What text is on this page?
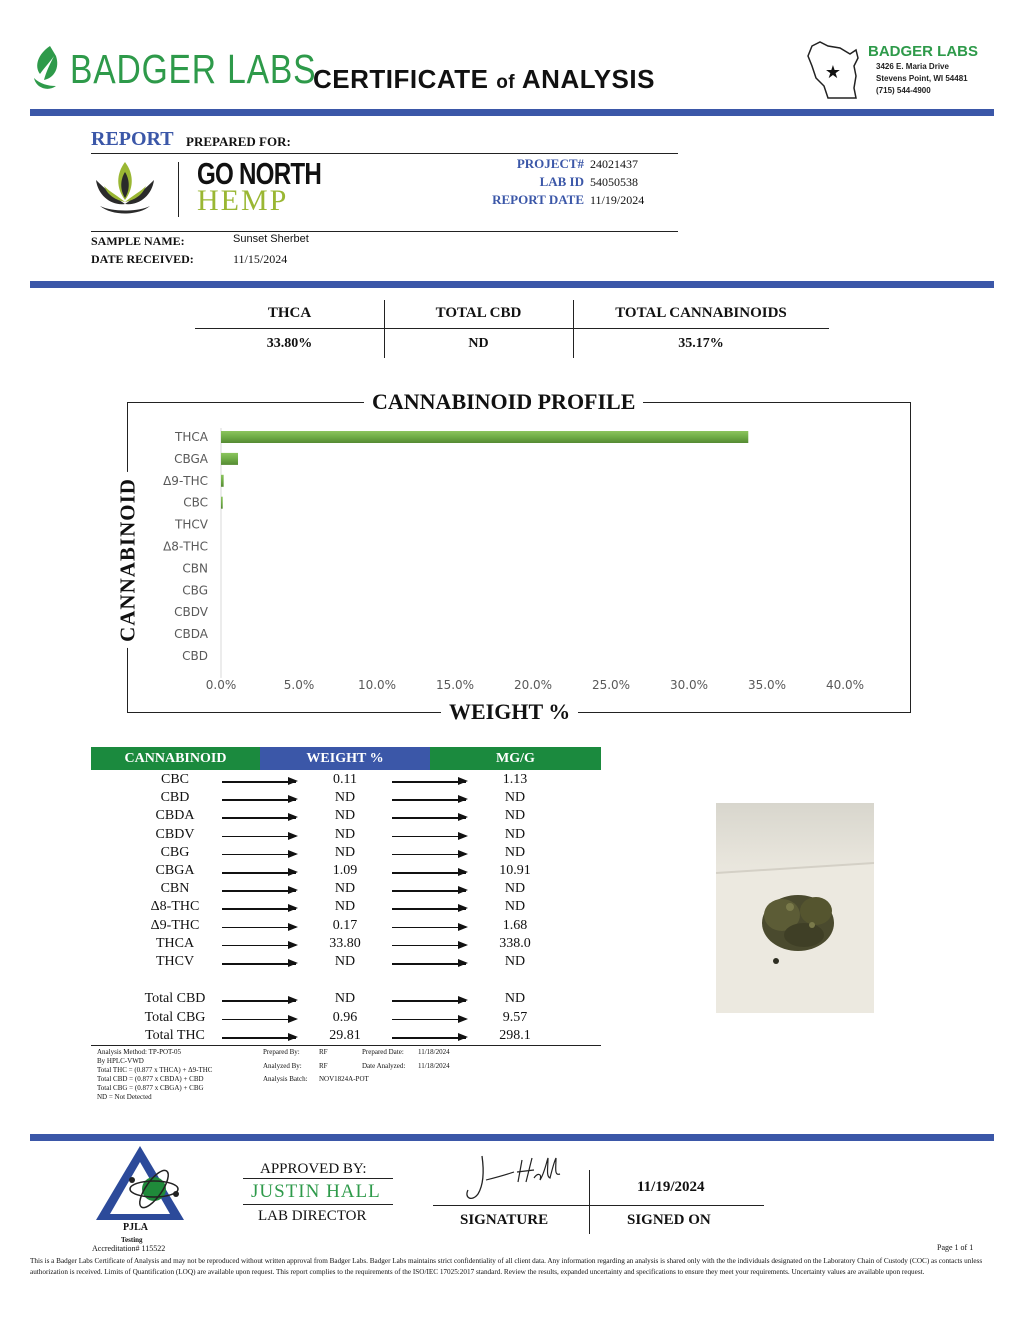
BADGER LABS
CERTIFICATE of ANALYSIS	★
BADGER LABS
3426 E. Maria Drive
Stevens Point, WI 54481
(715) 544-4900
REPORT PREPARED FOR:
GO NORTH
HEMP
PROJECT# 24021437
LAB ID 54050538
REPORT DATE 11/19/2024
SAMPLE NAME:	Sunset Sherbet
DATE RECEIVED:	11/15/2024
THCA	TOTAL CBD	TOTAL CANNABINOIDS
33.80%	ND	35.17%
CANNABINOID PROFILE
WEIGHT %
CANNABINOID
THCA
CBGA
Δ9-THC
CBC
THCV
Δ8-THC
CBN
CBG
CBDV
CBDA
CBD
0.0%	5.0%	10.0%	15.0%	20.0%	25.0%	30.0%	35.0%	40.0%
CANNABINOID	WEIGHT %	MG/G
CBC	0.11	1.13
CBD	ND	ND
CBDA	ND	ND
CBDV	ND	ND
CBG	ND	ND
CBGA	1.09	10.91
CBN	ND	ND
Δ8-THC	ND	ND
Δ9-THC	0.17	1.68
THCA	33.80	338.0
THCV	ND	ND
Total CBD	ND	ND
Total CBG	0.96	9.57
Total THC	29.81	298.1
Analysis Method: TP-POT-05
By HPLC-VWD
Total THC = (0.877 x THCA) + Δ9-THC
Total CBD = (0.877 x CBDA) + CBD
Total CBG = (0.877 x CBGA) + CBG
ND = Not Detected
Prepared By:	RF	Prepared Date: 11/18/2024
Analyzed By: RF	Date Analyzed: 11/18/2024
Analysis Batch: NOV1824A-POT
PJLA
Testing
Accreditation# 115522
APPROVED BY:
JUSTIN HALL
LAB DIRECTOR
11/19/2024
SIGNATURE	SIGNED ON
Page 1 of 1
This is a Badger Labs Certificate of Analysis and may not be reproduced without written approval from Badger Labs. Badger Labs maintains strict confidentiality of all client data. Any information regarding an analysis is shared only with the the individuals designated on the Laboratory Chain of Custody (COC) as contacts unless authorization is received. Limits of Quantification (LOQ) are available upon request. This report complies to the requirements of the ISO/IEC 17025:2017 standard. Review the results, expanded uncertainty and specifications to ensure they meet your requirements. Uncertainty values are available upon request.
